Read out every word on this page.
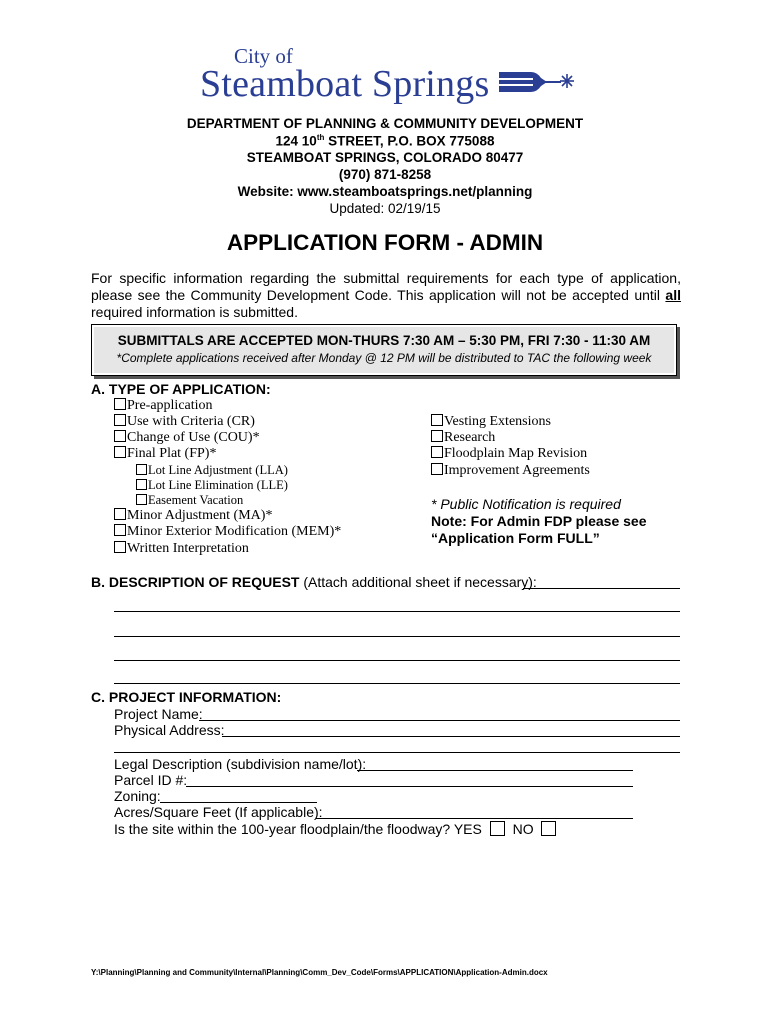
City of
Steamboat Springs
DEPARTMENT OF PLANNING & COMMUNITY DEVELOPMENT
124 10th STREET, P.O. BOX 775088
STEAMBOAT SPRINGS, COLORADO 80477
(970) 871-8258
Website: www.steamboatsprings.net/planning
Updated: 02/19/15
APPLICATION FORM - ADMIN
For specific information regarding the submittal requirements for each type of application, please see the Community Development Code. This application will not be accepted until all required information is submitted.
SUBMITTALS ARE ACCEPTED MON-THURS 7:30 AM – 5:30 PM, FRI 7:30 - 11:30 AM
*Complete applications received after Monday @ 12 PM will be distributed to TAC the following week
A. TYPE OF APPLICATION:
Pre-application
Use with Criteria (CR)
Change of Use (COU)*
Final Plat (FP)*
Lot Line Adjustment (LLA)
Lot Line Elimination (LLE)
Easement Vacation
Minor Adjustment (MA)*
Minor Exterior Modification (MEM)*
Written Interpretation
Vesting Extensions
Research
Floodplain Map Revision
Improvement Agreements
* Public Notification is required
Note: For Admin FDP please see
“Application Form FULL”
B. DESCRIPTION OF REQUEST (Attach additional sheet if necessary):
C. PROJECT INFORMATION:
Project Name:
Physical Address:
Legal Description (subdivision name/lot):
Parcel ID #:
Zoning:
Acres/Square Feet (If applicable):
Is the site within the 100-year floodplain/the floodway? YES NO
Y:\Planning\Planning and Community\Internal\Planning\Comm_Dev_Code\Forms\APPLICATION\Application-Admin.docx
